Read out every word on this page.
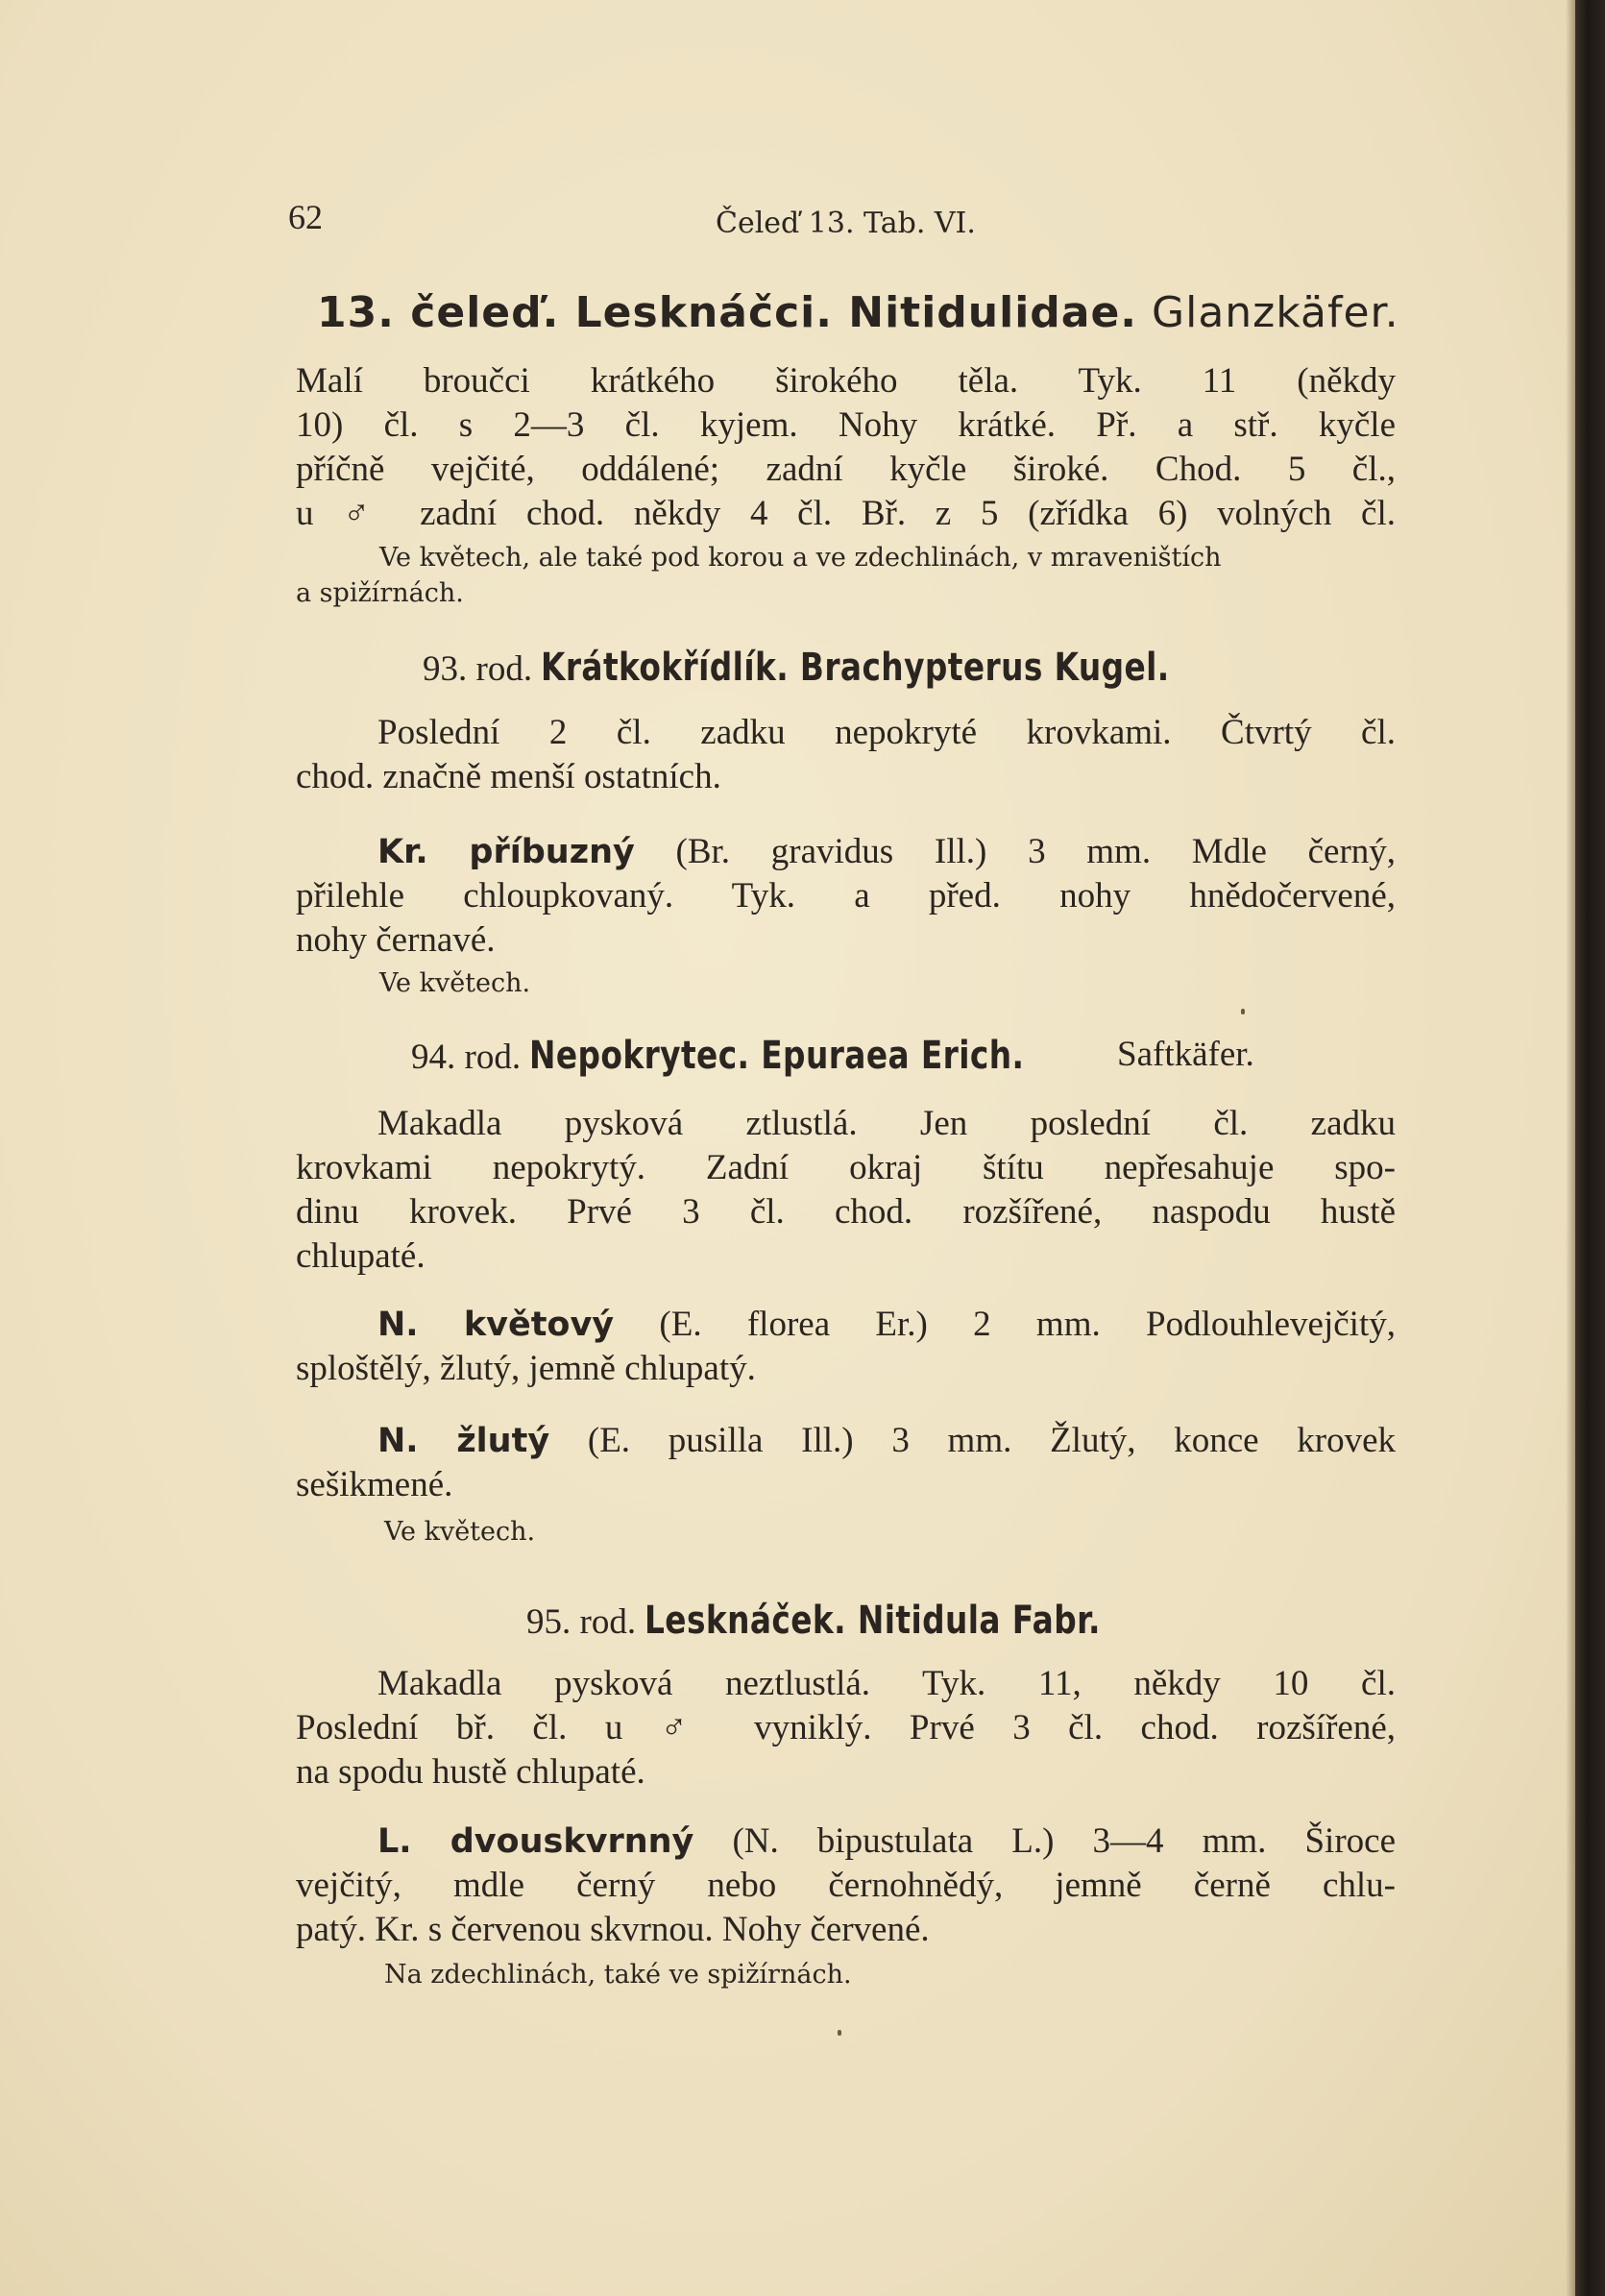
62	Čeleď 13. Tab. VI.
13. čeleď. Lesknáčci. Nitidulidae. Glanzkäfer.
Malí broučci krátkého širokého těla. Tyk. 11 (někdy
10) čl. s 2—3 čl. kyjem. Nohy krátké. Př. a stř. kyčle
příčně vejčité, oddálené; zadní kyčle široké. Chod. 5 čl.,
u ♂ zadní chod. někdy 4 čl. Bř. z 5 (zřídka 6) volných čl.
Ve květech, ale také pod korou a ve zdechlinách, v mraveništích
a spižírnách.
93. rod. Krátkokřídlík. Brachypterus Kugel.
Poslední 2 čl. zadku nepokryté krovkami. Čtvrtý čl.
chod. značně menší ostatních.
Kr. příbuzný (Br. gravidus Ill.) 3 mm. Mdle černý,
přilehle chloupkovaný. Tyk. a před. nohy hnědočervené,
nohy černavé.
Ve květech.
94. rod. Nepokrytec. Epuraea Erich.	Saftkäfer.
Makadla pysková ztlustlá. Jen poslední čl. zadku
krovkami nepokrytý. Zadní okraj štítu nepřesahuje spo-
dinu krovek. Prvé 3 čl. chod. rozšířené, naspodu hustě
chlupaté.
N. květový (E. florea Er.) 2 mm. Podlouhlevejčitý,
sploštělý, žlutý, jemně chlupatý.
N. žlutý (E. pusilla Ill.) 3 mm. Žlutý, konce krovek
sešikmené.
Ve květech.
95. rod. Lesknáček. Nitidula Fabr.
Makadla pysková neztlustlá. Tyk. 11, někdy 10 čl.
Poslední bř. čl. u ♂ vyniklý. Prvé 3 čl. chod. rozšířené,
na spodu hustě chlupaté.
L. dvouskvrnný (N. bipustulata L.) 3—4 mm. Široce
vejčitý, mdle černý nebo černohnědý, jemně černě chlu-
patý. Kr. s červenou skvrnou. Nohy červené.
Na zdechlinách, také ve spižírnách.
